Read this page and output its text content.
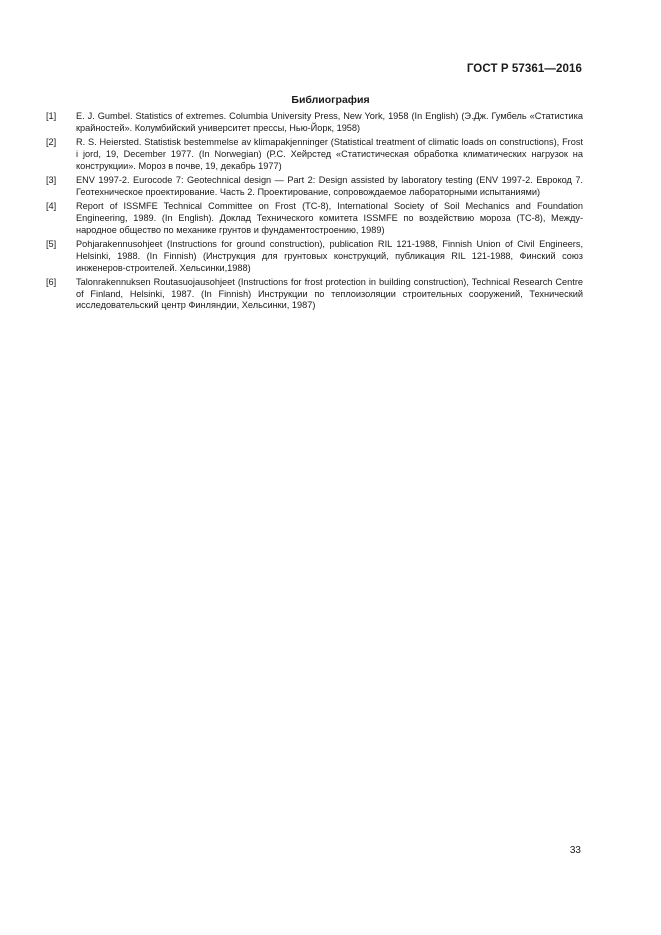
ГОСТ Р 57361—2016
Библиография
[1]	E. J. Gumbel. Statistics of extremes. Columbia University Press, New York, 1958 (In English) (Э.Дж. Гумбель «Статистика крайностей». Колумбийский университет прессы, Нью-Йорк, 1958)
[2]	R. S. Heiersted. Statistisk bestemmelse av klimapakjenninger (Statistical treatment of climatic loads on constructions), Frost i jord, 19, December 1977. (In Norwegian) (Р.С. Хейрстед «Статистическая обработка климатических нагрузок на конструкции». Мороз в почве, 19, декабрь 1977)
[3]	ENV 1997-2. Eurocode 7: Geotechnical design — Part 2: Design assisted by laboratory testing (ENV 1997-2. Еврокод 7. Геотехническое проектирование. Часть 2. Проектирование, сопровождаемое лабораторными испытаниями)
[4]	Report of ISSMFE Technical Committee on Frost (TC-8), International Society of Soil Mechanics and Foundation Engineering, 1989. (In English). Доклад Технического комитета ISSMFE по воздействию мороза (ТС-8), Международное общество по механике грунтов и фундаментостроению, 1989)
[5]	Pohjarakennusohjeet (Instructions for ground construction), publication RIL 121-1988, Finnish Union of Civil Engineers, Helsinki, 1988. (In Finnish) (Инструкция для грунтовых конструкций, публикация RIL 121-1988, Финский союз инженеров-строителей. Хельсинки,1988)
[6]	Talonrakennuksen Routasuojausohjeet (Instructions for frost protection in building construction), Technical Research Centre of Finland, Helsinki, 1987. (In Finnish) Инструкции по теплоизоляции строительных сооружений, Технический исследовательский центр Финляндии, Хельсинки, 1987)
33
